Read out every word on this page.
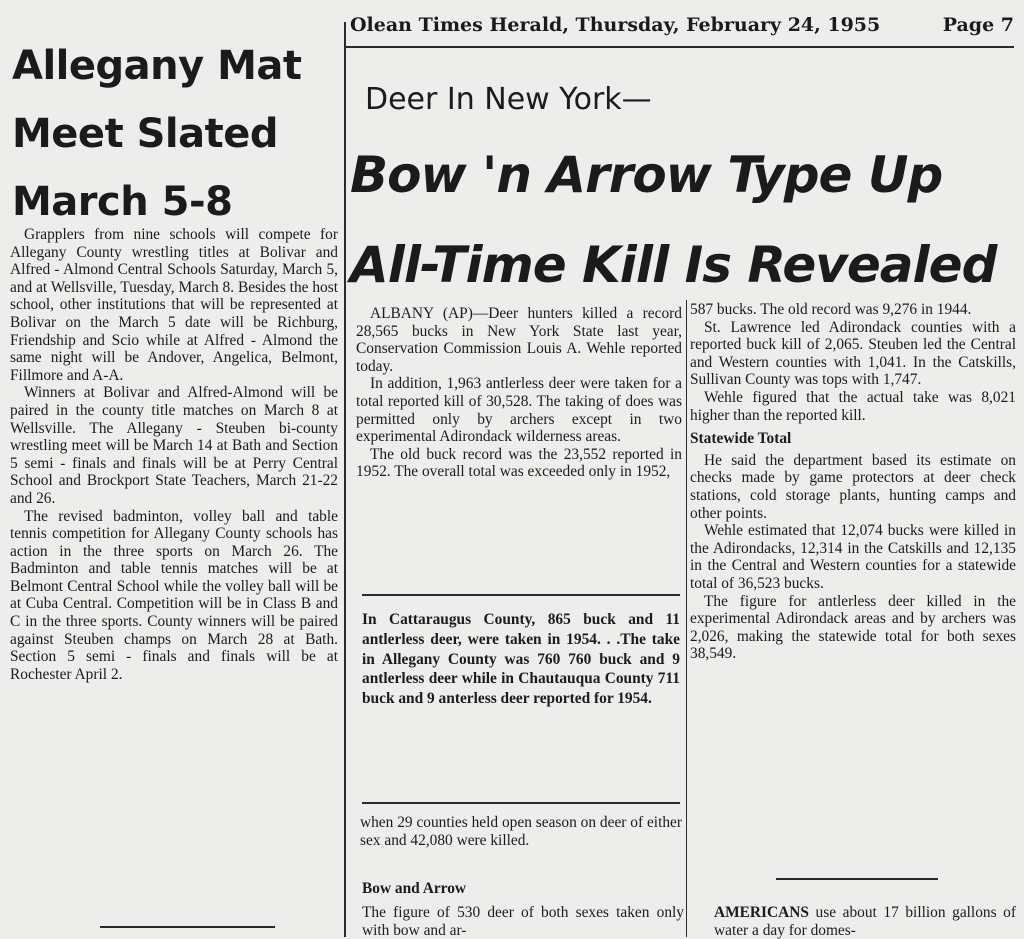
Olean Times Herald, Thursday, February 24, 1955	Page 7
Allegany Mat
Meet Slated
March 5-8

Grapplers from nine schools will compete for Allegany County wrestling titles at Bolivar and Alfred - Almond Central Schools Saturday, March 5, and at Wellsville, Tuesday, March 8. Besides the host school, other institutions that will be represented at Bolivar on the March 5 date will be Richburg, Friendship and Scio while at Alfred - Almond the same night will be Andover, Angelica, Belmont, Fillmore and A-A.

Winners at Bolivar and Alfred-Almond will be paired in the county title matches on March 8 at Wellsville. The Allegany - Steuben bi-county wrestling meet will be March 14 at Bath and Section 5 semi - finals and finals will be at Perry Central School and Brockport State Teachers, March 21-22 and 26.

The revised badminton, volley ball and table tennis competition for Allegany County schools has action in the three sports on March 26. The Badminton and table tennis matches will be at Belmont Central School while the volley ball will be at Cuba Central. Competition will be in Class B and C in the three sports. County winners will be paired against Steuben champs on March 28 at Bath. Section 5 semi - finals and finals will be at Rochester April 2.

Deer In New York—
Bow 'n Arrow Type Up
All-Time Kill Is Revealed

ALBANY (AP)—Deer hunters killed a record 28,565 bucks in New York State last year, Conservation Commission Louis A. Wehle reported today.

In addition, 1,963 antlerless deer were taken for a total reported kill of 30,528. The taking of does was permitted only by archers except in two experimental Adirondack wilderness areas.

The old buck record was the 23,552 reported in 1952. The overall total was exceeded only in 1952,

In Cattaraugus County, 865 buck and 11 antlerless deer, were taken in 1954. . .The take in Allegany County was 760 760 buck and 9 antlerless deer while in Chautauqua County 711 buck and 9 anterless deer reported for 1954.
when 29 counties held open season on deer of either sex and 42,080 were killed.
Bow and Arrow
The figure of 530 deer of both sexes taken only with bow and ar-

587 bucks. The old record was 9,276 in 1944.

St. Lawrence led Adirondack counties with a reported buck kill of 2,065. Steuben led the Central and Western counties with 1,041. In the Catskills, Sullivan County was tops with 1,747.

Wehle figured that the actual take was 8,021 higher than the reported kill.

Statewide Total

He said the department based its estimate on checks made by game protectors at deer check stations, cold storage plants, hunting camps and other points.

Wehle estimated that 12,074 bucks were killed in the Adirondacks, 12,314 in the Catskills and 12,135 in the Central and Western counties for a statewide total of 36,523 bucks.

The figure for antlerless deer killed in the experimental Adirondack areas and by archers was 2,026, making the statewide total for both sexes 38,549.

AMERICANS use about 17 billion gallons of water a day for domes-
